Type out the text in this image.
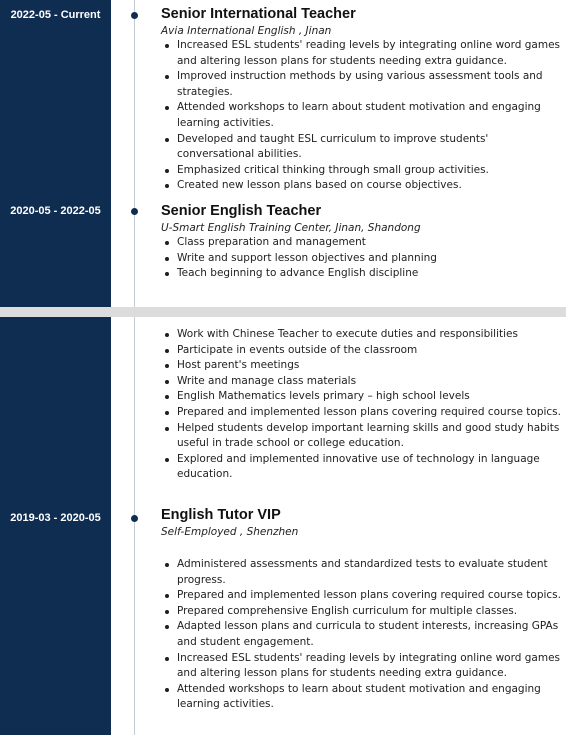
2022-05 - Current	Senior International Teacher
Avia International English , Jinan
Increased ESL students' reading levels by integrating online word games and altering lesson plans for students needing extra guidance.
Improved instruction methods by using various assessment tools and strategies.
Attended workshops to learn about student motivation and engaging learning activities.
Developed and taught ESL curriculum to improve students' conversational abilities.
Emphasized critical thinking through small group activities.
Created new lesson plans based on course objectives.
2020-05 - 2022-05	Senior English Teacher
U-Smart English Training Center, Jinan, Shandong
Class preparation and management
Write and support lesson objectives and planning
Teach beginning to advance English discipline
Work with Chinese Teacher to execute duties and responsibilities
Participate in events outside of the classroom
Host parent's meetings
Write and manage class materials
English Mathematics levels primary – high school levels
Prepared and implemented lesson plans covering required course topics.
Helped students develop important learning skills and good study habits useful in trade school or college education.
Explored and implemented innovative use of technology in language education.
2019-03 - 2020-05	English Tutor VIP
Self-Employed , Shenzhen
Administered assessments and standardized tests to evaluate student progress.
Prepared and implemented lesson plans covering required course topics.
Prepared comprehensive English curriculum for multiple classes.
Adapted lesson plans and curricula to student interests, increasing GPAs and student engagement.
Increased ESL students' reading levels by integrating online word games and altering lesson plans for students needing extra guidance.
Attended workshops to learn about student motivation and engaging learning activities.
